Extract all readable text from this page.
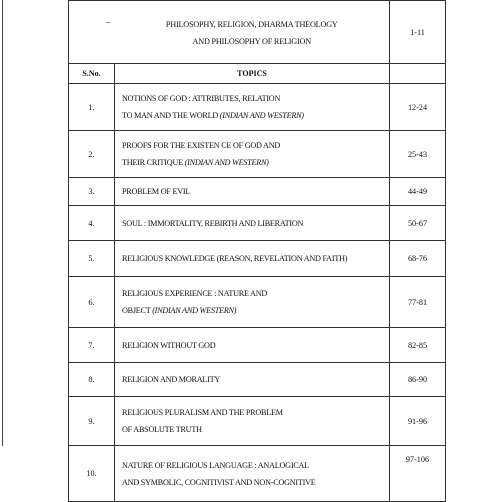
–	PHILOSOPHY, RELIGION, DHARMA THEOLOGY
AND PHILOSOPHY OF RELIGION	1-11
S.No.	TOPICS	
1.	NOTIONS OF GOD : ATTRIBUTES, RELATION
TO MAN AND THE WORLD (INDIAN AND WESTERN)	12-24
2.	PROOFS FOR THE EXISTEN CE OF GOD AND
THEIR CRITIQUE (INDIAN AND WESTERN)	25-43
3.	PROBLEM OF EVIL	44-49
4.	SOUL : IMMORTALITY, REBIRTH AND LIBERATION	50-67
5.	RELIGIOUS KNOWLEDGE (REASON, REVELATION AND FAITH)	68-76
6.	RELIGIOUS EXPERIENCE : NATURE AND
OBJECT (INDIAN AND WESTERN)	77-81
7.	RELIGION WITHOUT GOD	82-85
8.	RELIGION AND MORALITY	86-90
9.	RELIGIOUS PLURALISM AND THE PROBLEM
OF ABSOLUTE TRUTH	91-96
10.	NATURE OF RELIGIOUS LANGUAGE : ANALOGICAL
AND SYMBOLIC, COGNITIVIST AND NON-COGNITIVE	97-106
